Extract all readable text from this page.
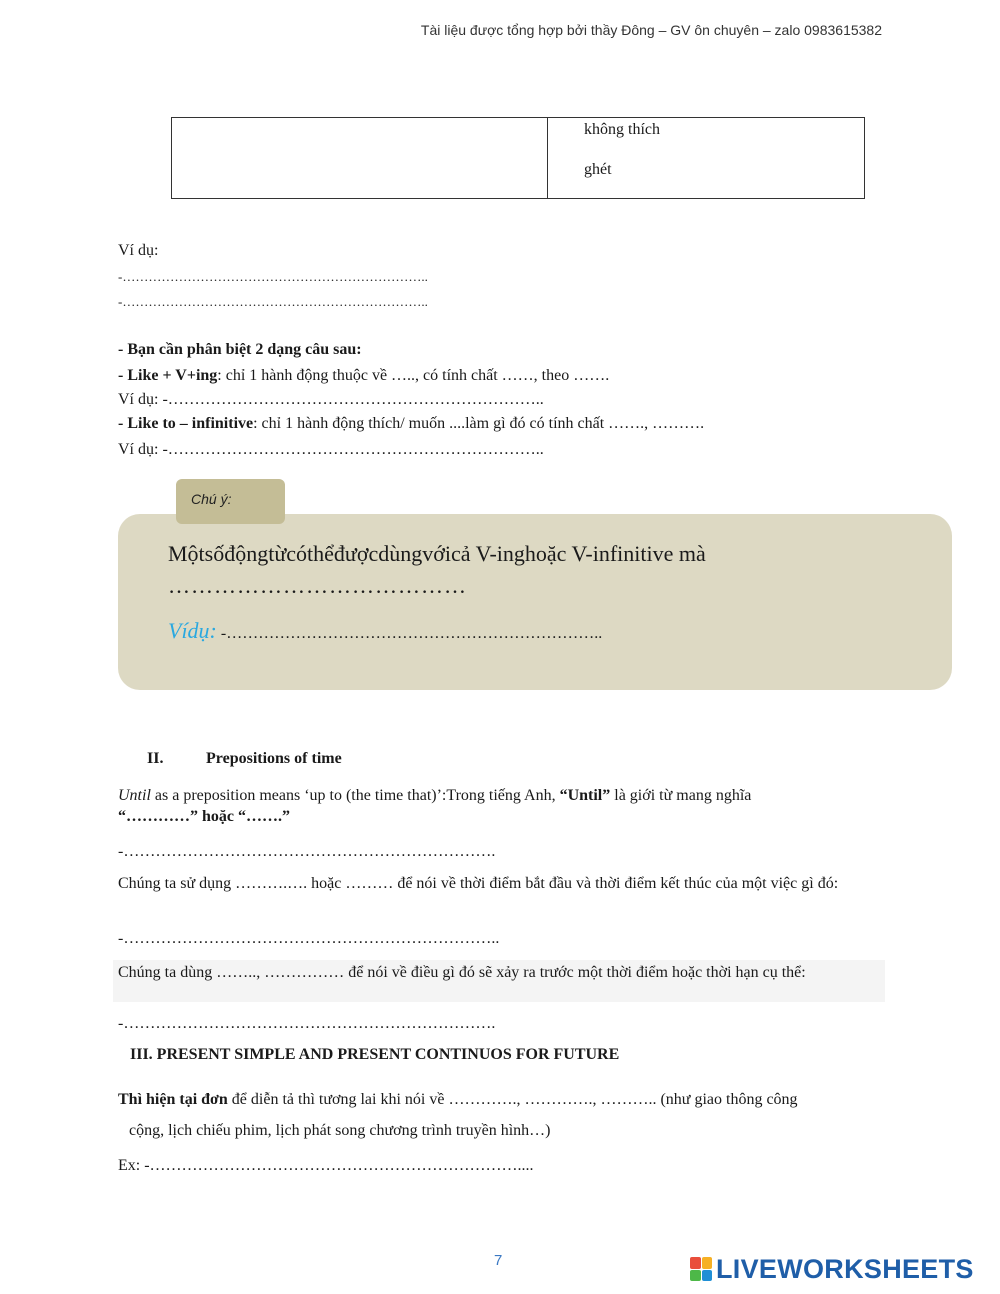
Tài liệu được tổng hợp bởi thầy Đông – GV ôn chuyên – zalo 0983615382

không thích
ghét
Ví dụ:
-……………………………………………………………..
-……………………………………………………………..
- Bạn cần phân biệt 2 dạng câu sau:
- Like + V+ing: chỉ 1 hành động thuộc về ….., có tính chất ……, theo …….
Ví dụ: -……………………………………………………………..
- Like to – infinitive: chỉ 1 hành động thích/ muốn ....làm gì đó có tính chất ……., ……….
Ví dụ: -……………………………………………………………..
Mộtsốđộngtừcóthểđượcdùngvớicả V-inghoặc V-infinitive mà
…………………………………
Vídụ: -……………………………………………………………..
Chú ý:
II.	Prepositions of time
Until as a preposition means ‘up to (the time that)’:Trong tiếng Anh, “Until” là giới từ mang nghĩa
“…………” hoặc “…….”
-…………………………………………………………….
Chúng ta sử dụng ……….…. hoặc ……… để nói về thời điểm bắt đầu và thời điểm kết thúc của một việc gì đó:
-……………………………………………………………..
Chúng ta dùng …….., …………… để nói về điều gì đó sẽ xảy ra trước một thời điểm hoặc thời hạn cụ thể:
-…………………………………………………………….
III. PRESENT SIMPLE AND PRESENT CONTINUOS FOR FUTURE
Thì hiện tại đơn để diễn tả thì tương lai khi nói về …………., …………., ……….. (như giao thông công
cộng, lịch chiếu phim, lịch phát song chương trình truyền hình…)
Ex: -……………………………………………………………....
7	LIVEWORKSHEETS
